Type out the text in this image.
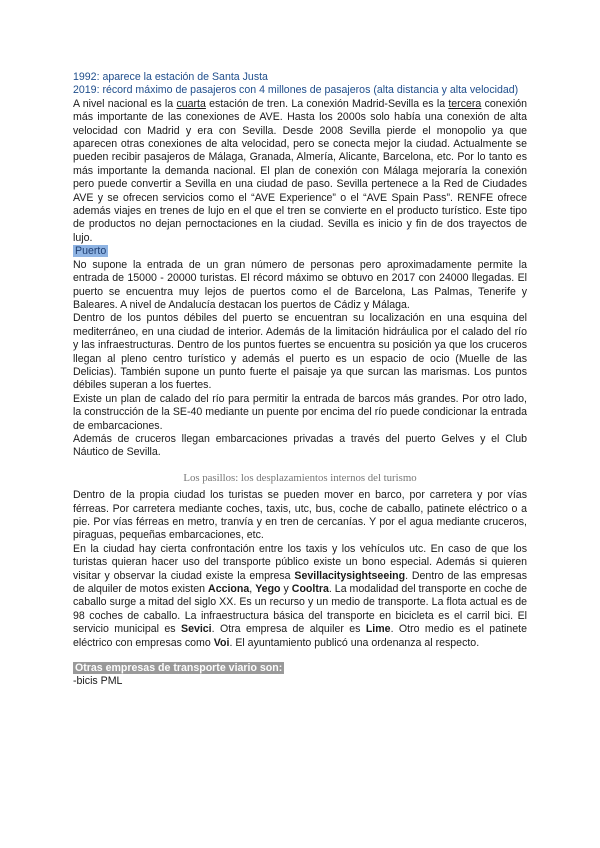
1992: aparece la estación de Santa Justa

2019: récord máximo de pasajeros con 4 millones de pasajeros (alta distancia y alta velocidad)

A nivel nacional es la cuarta estación de tren. La conexión Madrid-Sevilla es la tercera conexión más importante de las conexiones de AVE. Hasta los 2000s solo había una conexión de alta velocidad con Madrid y era con Sevilla. Desde 2008 Sevilla pierde el monopolio ya que aparecen otras conexiones de alta velocidad, pero se conecta mejor la ciudad. Actualmente se pueden recibir pasajeros de Málaga, Granada, Almería, Alicante, Barcelona, etc. Por lo tanto es más importante la demanda nacional. El plan de conexión con Málaga mejoraría la conexión pero puede convertir a Sevilla en una ciudad de paso. Sevilla pertenece a la Red de Ciudades AVE y se ofrecen servicios como el “AVE Experience” o el “AVE Spain Pass”. RENFE ofrece además viajes en trenes de lujo en el que el tren se convierte en el producto turístico. Este tipo de productos no dejan pernoctaciones en la ciudad. Sevilla es inicio y fin de dos trayectos de lujo.

Puerto

No supone la entrada de un gran número de personas pero aproximadamente permite la entrada de 15000 - 20000 turistas. El récord máximo se obtuvo en 2017 con 24000 llegadas. El puerto se encuentra muy lejos de puertos como el de Barcelona, Las Palmas, Tenerife y Baleares. A nivel de Andalucía destacan los puertos de Cádiz y Málaga.

Dentro de los puntos débiles del puerto se encuentran su localización en una esquina del mediterráneo, en una ciudad de interior. Además de la limitación hidráulica por el calado del río y las infraestructuras. Dentro de los puntos fuertes se encuentra su posición ya que los cruceros llegan al pleno centro turístico y además el puerto es un espacio de ocio (Muelle de las Delicias). También supone un punto fuerte el paisaje ya que surcan las marismas. Los puntos débiles superan a los fuertes.

Existe un plan de calado del río para permitir la entrada de barcos más grandes. Por otro lado, la construcción de la SE-40 mediante un puente por encima del río puede condicionar la entrada de embarcaciones.

Además de cruceros llegan embarcaciones privadas a través del puerto Gelves y el Club Náutico de Sevilla.

Los pasillos: los desplazamientos internos del turismo

Dentro de la propia ciudad los turistas se pueden mover en barco, por carretera y por vías férreas. Por carretera mediante coches, taxis, utc, bus, coche de caballo, patinete eléctrico o a pie. Por vías férreas en metro, tranvía y en tren de cercanías. Y por el agua mediante cruceros, piraguas, pequeñas embarcaciones, etc.

En la ciudad hay cierta confrontación entre los taxis y los vehículos utc. En caso de que los turistas quieran hacer uso del transporte público existe un bono especial. Además si quieren visitar y observar la ciudad existe la empresa Sevillacitysightseeing. Dentro de las empresas de alquiler de motos existen Acciona, Yego y Cooltra. La modalidad del transporte en coche de caballo surge a mitad del siglo XX. Es un recurso y un medio de transporte. La flota actual es de 98 coches de caballo. La infraestructura básica del transporte en bicicleta es el carril bici. El servicio municipal es Sevici. Otra empresa de alquiler es Lime. Otro medio es el patinete eléctrico con empresas como Voi. El ayuntamiento publicó una ordenanza al respecto.

Otras empresas de transporte viario son:

-bicis PML
